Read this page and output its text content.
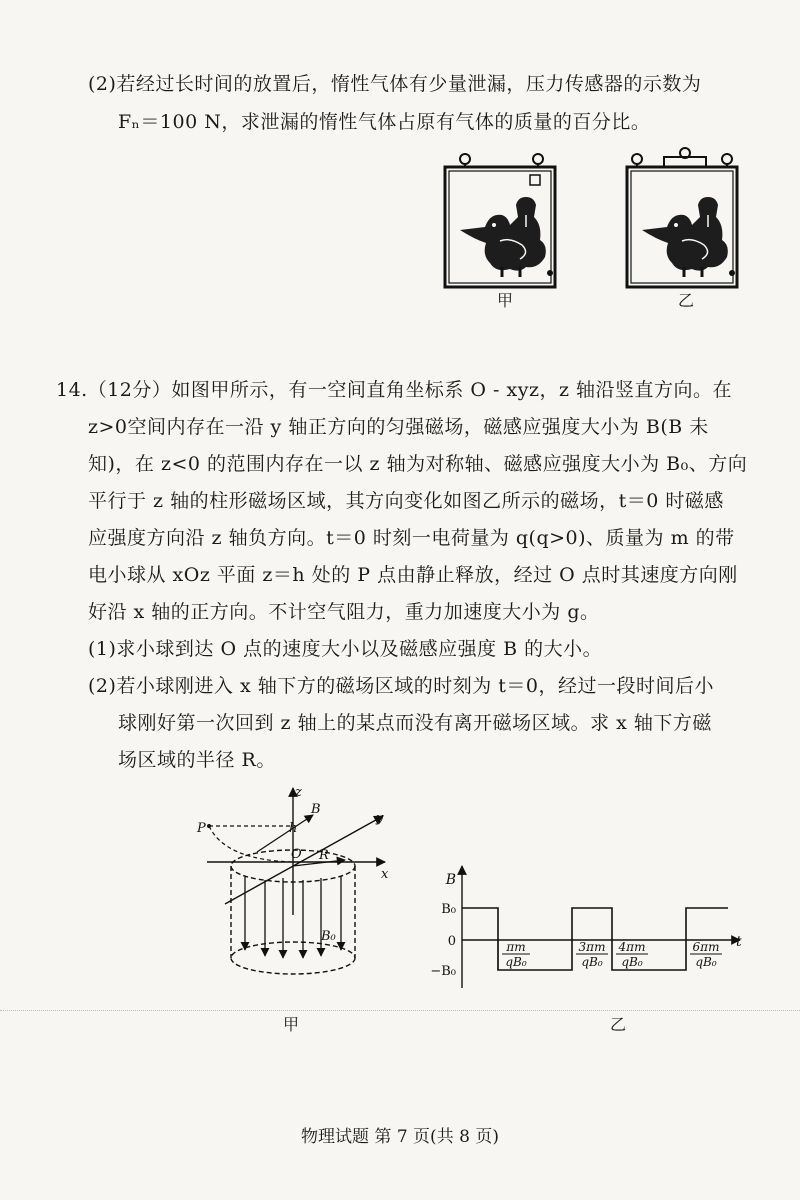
(2)若经过长时间的放置后，惰性气体有少量泄漏，压力传感器的示数为
Fₙ＝100 N，求泄漏的惰性气体占原有气体的质量的百分比。
甲	乙
14.（12分）如图甲所示，有一空间直角坐标系 O - xyz，z 轴沿竖直方向。在
z>0空间内存在一沿 y 轴正方向的匀强磁场，磁感应强度大小为 B(B 未
知)，在 z<0 的范围内存在一以 z 轴为对称轴、磁感应强度大小为 B₀、方向
平行于 z 轴的柱形磁场区域，其方向变化如图乙所示的磁场，t＝0 时磁感
应强度方向沿 z 轴负方向。t＝0 时刻一电荷量为 q(q>0)、质量为 m 的带
电小球从 xOz 平面 z＝h 处的 P 点由静止释放，经过 O 点时其速度方向刚
好沿 x 轴的正方向。不计空气阻力，重力加速度大小为 g。
(1)求小球到达 O 点的速度大小以及磁感应强度 B 的大小。
(2)若小球刚进入 x 轴下方的磁场区域的时刻为 t＝0，经过一段时间后小
球刚好第一次回到 z 轴上的某点而没有离开磁场区域。求 x 轴下方磁
场区域的半径 R。
z
y
x
B
h
P
O R
B₀
甲
B
t
B₀
0
−B₀
πm
qB₀
3πm
qB₀
4πm
qB₀
6πm
qB₀
乙
物理试题 第 7 页(共 8 页)
